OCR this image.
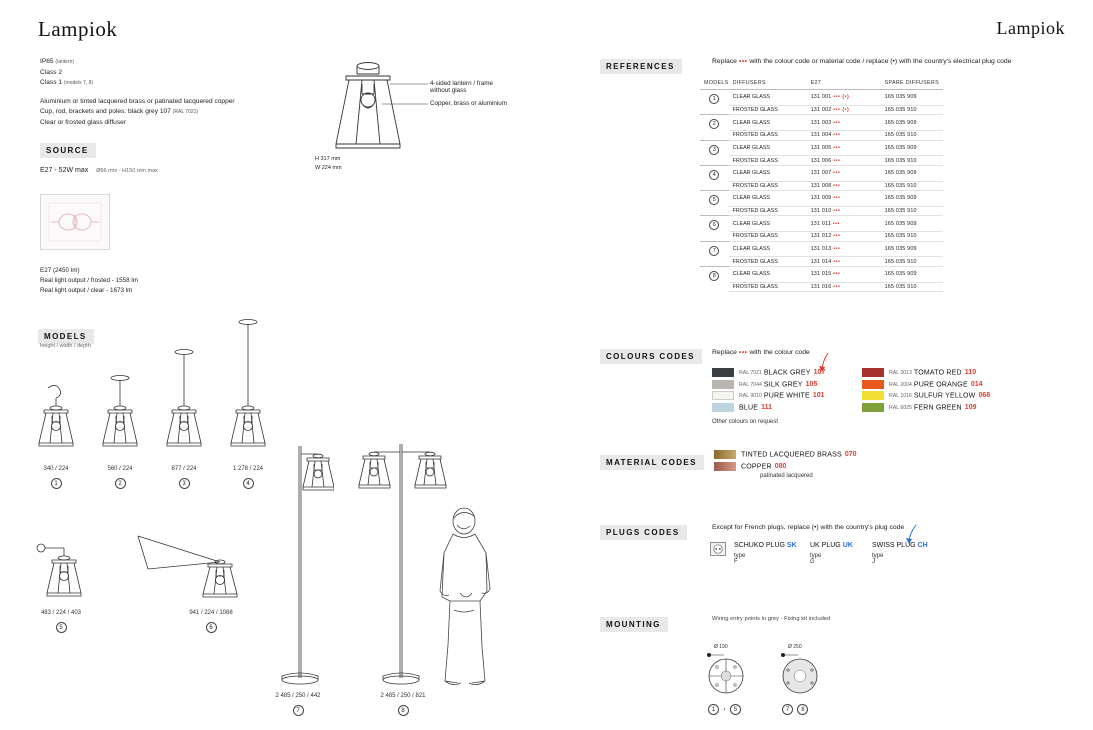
Lampiok	Lampiok
IP65 (lantern)
Class 2
Class 1 (models 7, 8)
Aluminium or tinted lacquered brass or patinated lacquered copper
Cup, rod, brackets and poles: black grey 107 (RAL 7021)
Clear or frosted glass diffuser
SOURCE
E27 - 52W max Ø66 mm - H150 mm max
E27 (2450 lm)
Real light output / frosted - 1558 lm
Real light output / clear - 1673 lm
4-sided lantern / frame without glass
Copper, brass or aluminium
H 317 mm
W 224 mm
MODELS
height / width / depth
340 / 224
1
560 / 224
2
877 / 224
3
1 278 / 224
4
483 / 224 / 403
5
941 / 224 / 1088
6
2 485 / 250 / 442
7
2 485 / 250 / 821
8
REFERENCES
Replace ••• with the colour code or material code / replace (•) with the country's electrical plug code
MODELS	DIFFUSERS	E27	SPARE DIFFUSERS
1	CLEAR GLASS	131 001 ••• (•)	165 035 909
	FROSTED GLASS	131 002 ••• (•)	165 035 910
2	CLEAR GLASS	131 003 •••	165 035 909
	FROSTED GLASS	131 004 •••	165 035 910
3	CLEAR GLASS	131 005 •••	165 035 909
	FROSTED GLASS	131 006 •••	165 035 910
4	CLEAR GLASS	131 007 •••	165 035 909
	FROSTED GLASS	131 008 •••	165 035 910
5	CLEAR GLASS	131 009 •••	165 035 909
	FROSTED GLASS	131 010 •••	165 035 910
6	CLEAR GLASS	131 011 •••	165 035 909
	FROSTED GLASS	131 012 •••	165 035 910
7	CLEAR GLASS	131 013 •••	165 035 909
	FROSTED GLASS	131 014 •••	165 035 910
8	CLEAR GLASS	131 015 •••	165 035 909
	FROSTED GLASS	131 016 •••	165 035 910
COLOURS CODES	Replace ••• with the colour code
RAL 7021 BLACK GREY 107
RAL 7044 SILK GREY 105
RAL 9010 PURE WHITE 101
BLUE 111
RAL 3013 TOMATO RED 110
RAL 2004 PURE ORANGE 014
RAL 1016 SULFUR YELLOW 068
RAL 6025 FERN GREEN 109
Other colours on request
MATERIAL CODES
TINTED LACQUERED BRASS 070
COPPER 080
patinated lacquered
PLUGS CODES
Except for French plugs, replace (•) with the country's plug code
SCHUKO PLUG SK
type F
UK PLUG UK
type G
SWISS PLUG CH
type J
MOUNTING
Wiring entry points in grey - Fixing kit included
Ø 190
1 › 5
Ø 250
7 8
